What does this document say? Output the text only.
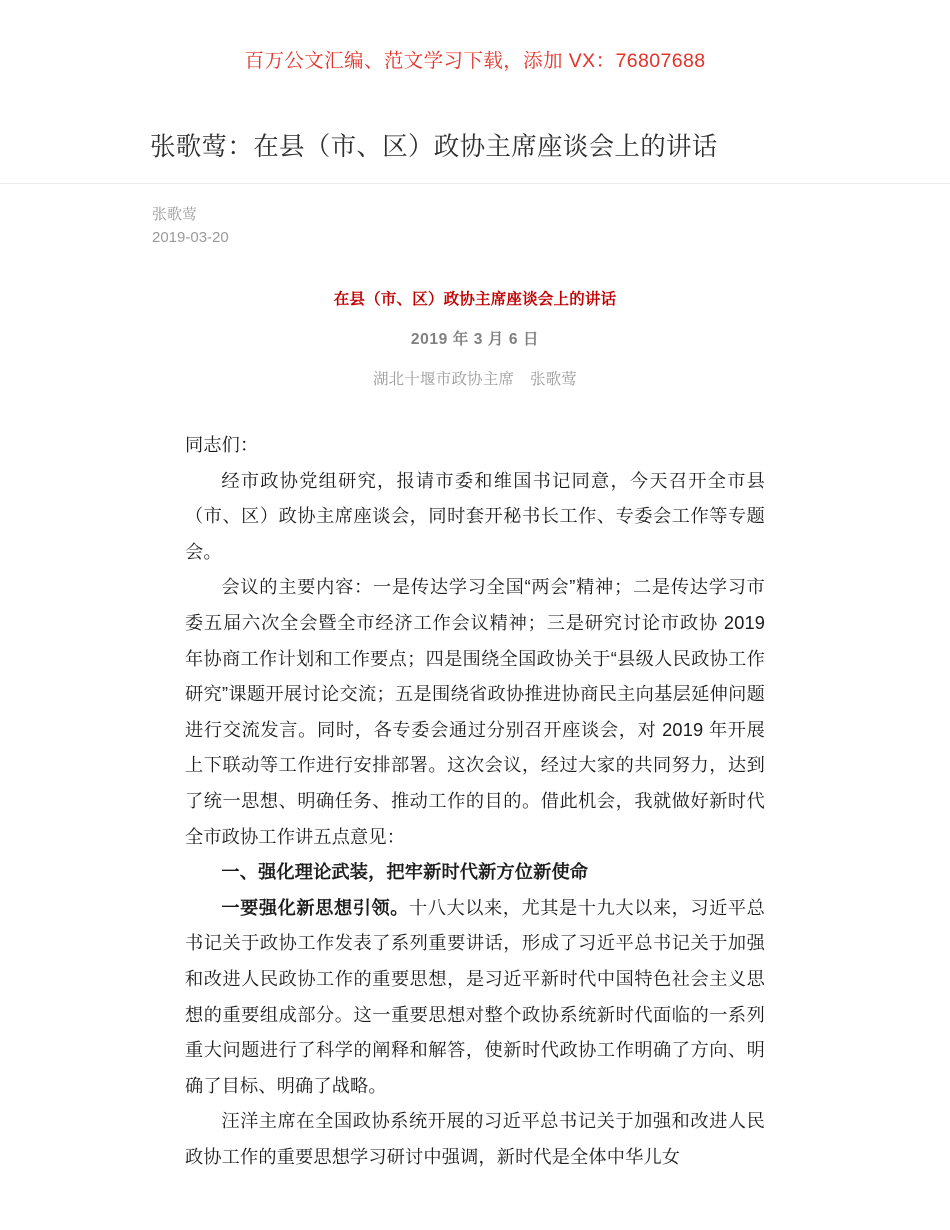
百万公文汇编、范文学习下载，添加 VX：76807688
张歌莺：在县（市、区）政协主席座谈会上的讲话
张歌莺
2019-03-20
在县（市、区）政协主席座谈会上的讲话
2019 年 3 月 6 日
湖北十堰市政协主席　张歌莺

同志们：

经市政协党组研究，报请市委和维国书记同意，今天召开全市县（市、区）政协主席座谈会，同时套开秘书长工作、专委会工作等专题会。

会议的主要内容：一是传达学习全国“两会”精神；二是传达学习市委五届六次全会暨全市经济工作会议精神；三是研究讨论市政协 2019 年协商工作计划和工作要点；四是围绕全国政协关于“县级人民政协工作研究”课题开展讨论交流；五是围绕省政协推进协商民主向基层延伸问题进行交流发言。同时，各专委会通过分别召开座谈会，对 2019 年开展上下联动等工作进行安排部署。这次会议，经过大家的共同努力，达到了统一思想、明确任务、推动工作的目的。借此机会，我就做好新时代全市政协工作讲五点意见：

一、强化理论武装，把牢新时代新方位新使命

一要强化新思想引领。十八大以来，尤其是十九大以来，习近平总书记关于政协工作发表了系列重要讲话，形成了习近平总书记关于加强和改进人民政协工作的重要思想，是习近平新时代中国特色社会主义思想的重要组成部分。这一重要思想对整个政协系统新时代面临的一系列重大问题进行了科学的阐释和解答，使新时代政协工作明确了方向、明确了目标、明确了战略。

汪洋主席在全国政协系统开展的习近平总书记关于加强和改进人民政协工作的重要思想学习研讨中强调，新时代是全体中华儿女
